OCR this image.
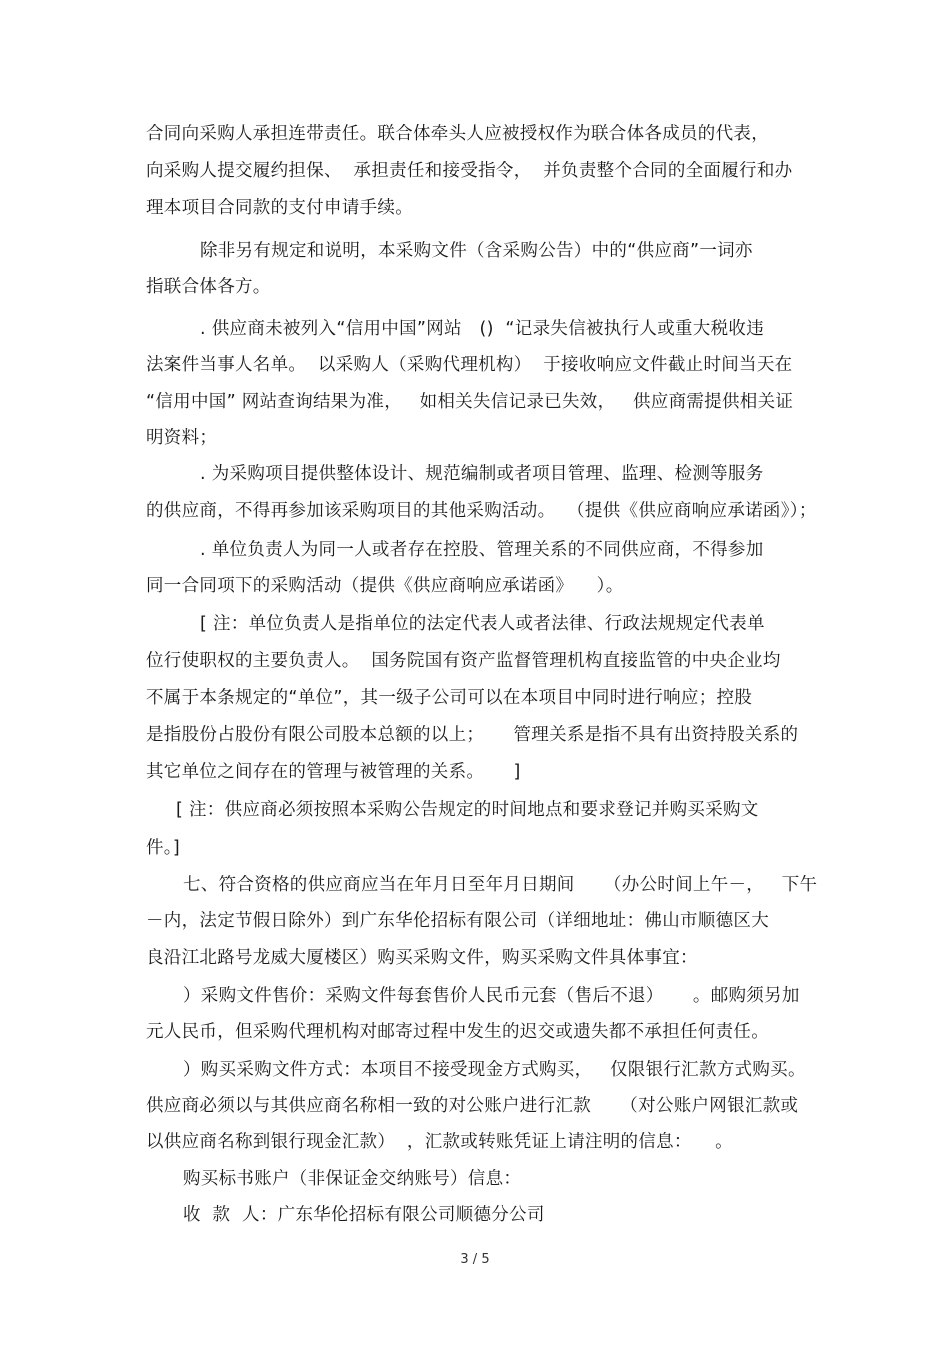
合同向采购人承担连带责任。联合体牵头人应被授权作为联合体各成员的代表，
向采购人提交履约担保、  承担责任和接受指令，  并负责整个合同的全面履行和办
理本项目合同款的支付申请手续。
除非另有规定和说明，本采购文件（含采购公告）中的“供应商”一词亦
指联合体各方。
. 供应商未被列入“信用中国”网站   ()  “记录失信被执行人或重大税收违
法案件当事人名单。  以采购人（采购代理机构）  于接收响应文件截止时间当天在
“信用中国” 网站查询结果为准，   如相关失信记录已失效，   供应商需提供相关证
明资料；
. 为采购项目提供整体设计、规范编制或者项目管理、监理、检测等服务
的供应商，不得再参加该采购项目的其他采购活动。  （提供《供应商响应承诺函》）；
. 单位负责人为同一人或者存在控股、管理关系的不同供应商，不得参加
同一合同项下的采购活动（提供《供应商响应承诺函》    ）。
[ 注：单位负责人是指单位的法定代表人或者法律、行政法规规定代表单
位行使职权的主要负责人。  国务院国有资产监督管理机构直接监管的中央企业均
不属于本条规定的“单位”，其一级子公司可以在本项目中同时进行响应；控股
是指股份占股份有限公司股本总额的以上；     管理关系是指不具有出资持股关系的
其它单位之间存在的管理与被管理的关系。     ]
[ 注：供应商必须按照本采购公告规定的时间地点和要求登记并购买采购文
件。]
七、符合资格的供应商应当在年月日至年月日期间     （办公时间上午－，   下午
－内，法定节假日除外）到广东华伦招标有限公司（详细地址：佛山市顺德区大
良沿江北路号龙威大厦楼区）购买采购文件，购买采购文件具体事宜：
）采购文件售价：采购文件每套售价人民币元套（售后不退）     。邮购须另加
元人民币，但采购代理机构对邮寄过程中发生的迟交或遗失都不承担任何责任。
）购买采购文件方式：本项目不接受现金方式购买，   仅限银行汇款方式购买。
供应商必须以与其供应商名称相一致的对公账户进行汇款     （对公账户网银汇款或
以供应商名称到银行现金汇款）  ，汇款或转账凭证上请注明的信息：    。
购买标书账户（非保证金交纳账号）信息：
收  款  人：广东华伦招标有限公司顺德分公司
3 / 5
